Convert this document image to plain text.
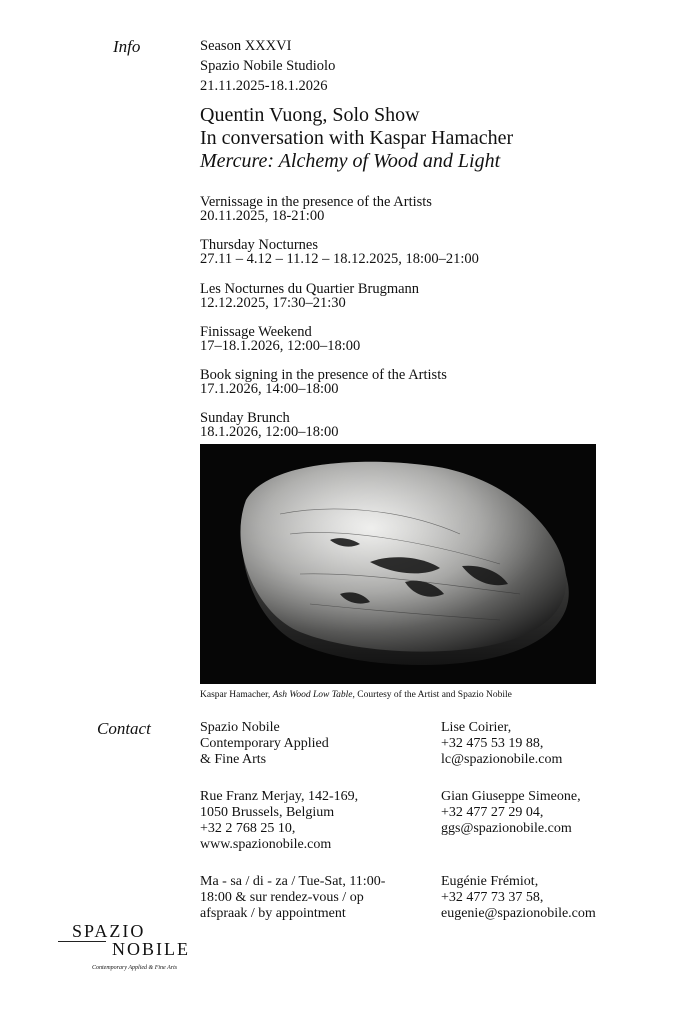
Info	Season XXXVI
Spazio Nobile Studiolo
21.11.2025-18.1.2026
Quentin Vuong, Solo Show
In conversation with Kaspar Hamacher
Mercure: Alchemy of Wood and Light
Vernissage in the presence of the Artists
20.11.2025, 18-21:00
Thursday Nocturnes
27.11 – 4.12 – 11.12 – 18.12.2025, 18:00–21:00
Les Nocturnes du Quartier Brugmann
12.12.2025, 17:30–21:30
Finissage Weekend
17–18.1.2026, 12:00–18:00
Book signing in the presence of the Artists
17.1.2026, 14:00–18:00
Sunday Brunch
18.1.2026, 12:00–18:00
Kaspar Hamacher, Ash Wood Low Table, Courtesy of the Artist and Spazio Nobile
Contact	Spazio Nobile
Contemporary Applied
& Fine Arts
Rue Franz Merjay, 142-169,
1050 Brussels, Belgium
+32 2 768 25 10,
www.spazionobile.com
Ma - sa / di - za / Tue-Sat, 11:00-
18:00 & sur rendez-vous / op
afspraak / by appointment
Lise Coirier,
+32 475 53 19 88,
lc@spazionobile.com
Gian Giuseppe Simeone,
+32 477 27 29 04,
ggs@spazionobile.com
Eugénie Frémiot,
+32 477 73 37 58,
eugenie@spazionobile.com
SPAZIO
NOBILE
Contemporary Applied & Fine Arts
